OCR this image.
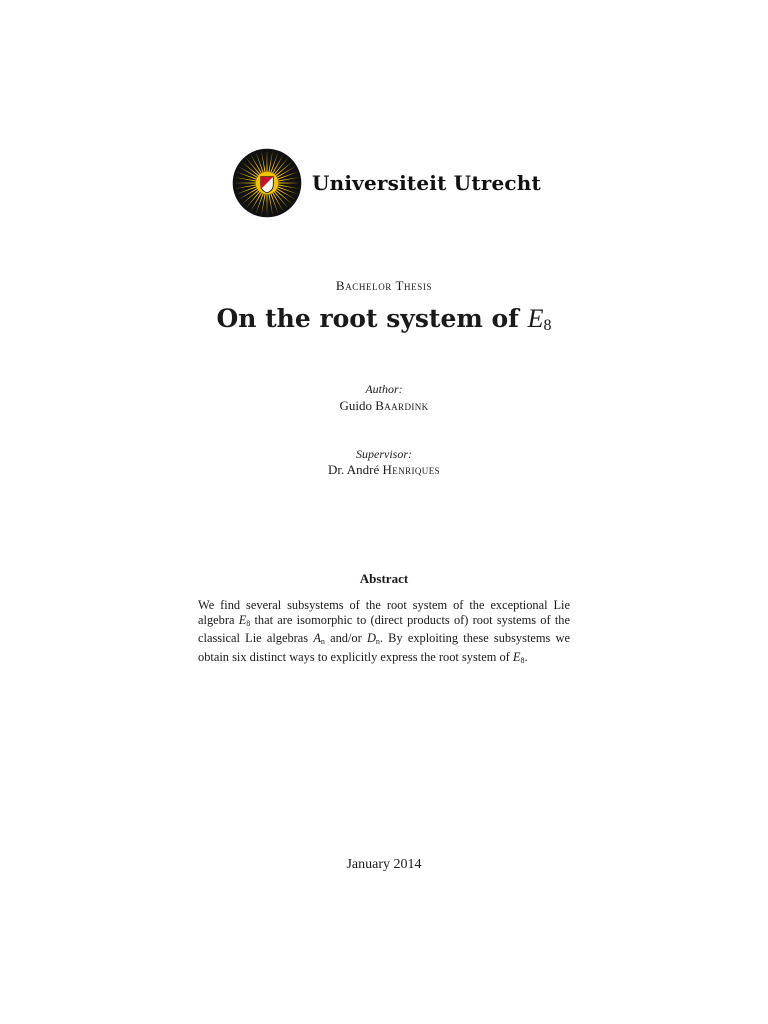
Universiteit Utrecht
Bachelor Thesis
On the root system of $E_8$
Author:
Guido Baardink
Supervisor:
Dr. André Henriques
Abstract
We find several subsystems of the root system of the exceptional Lie algebra $E_8$ that are isomorphic to (direct products of) root systems of the classical Lie algebras $A_n$ and/or $D_n$. By exploiting these subsystems we obtain six distinct ways to explicitly express the root system of $E_8$.
January 2014
